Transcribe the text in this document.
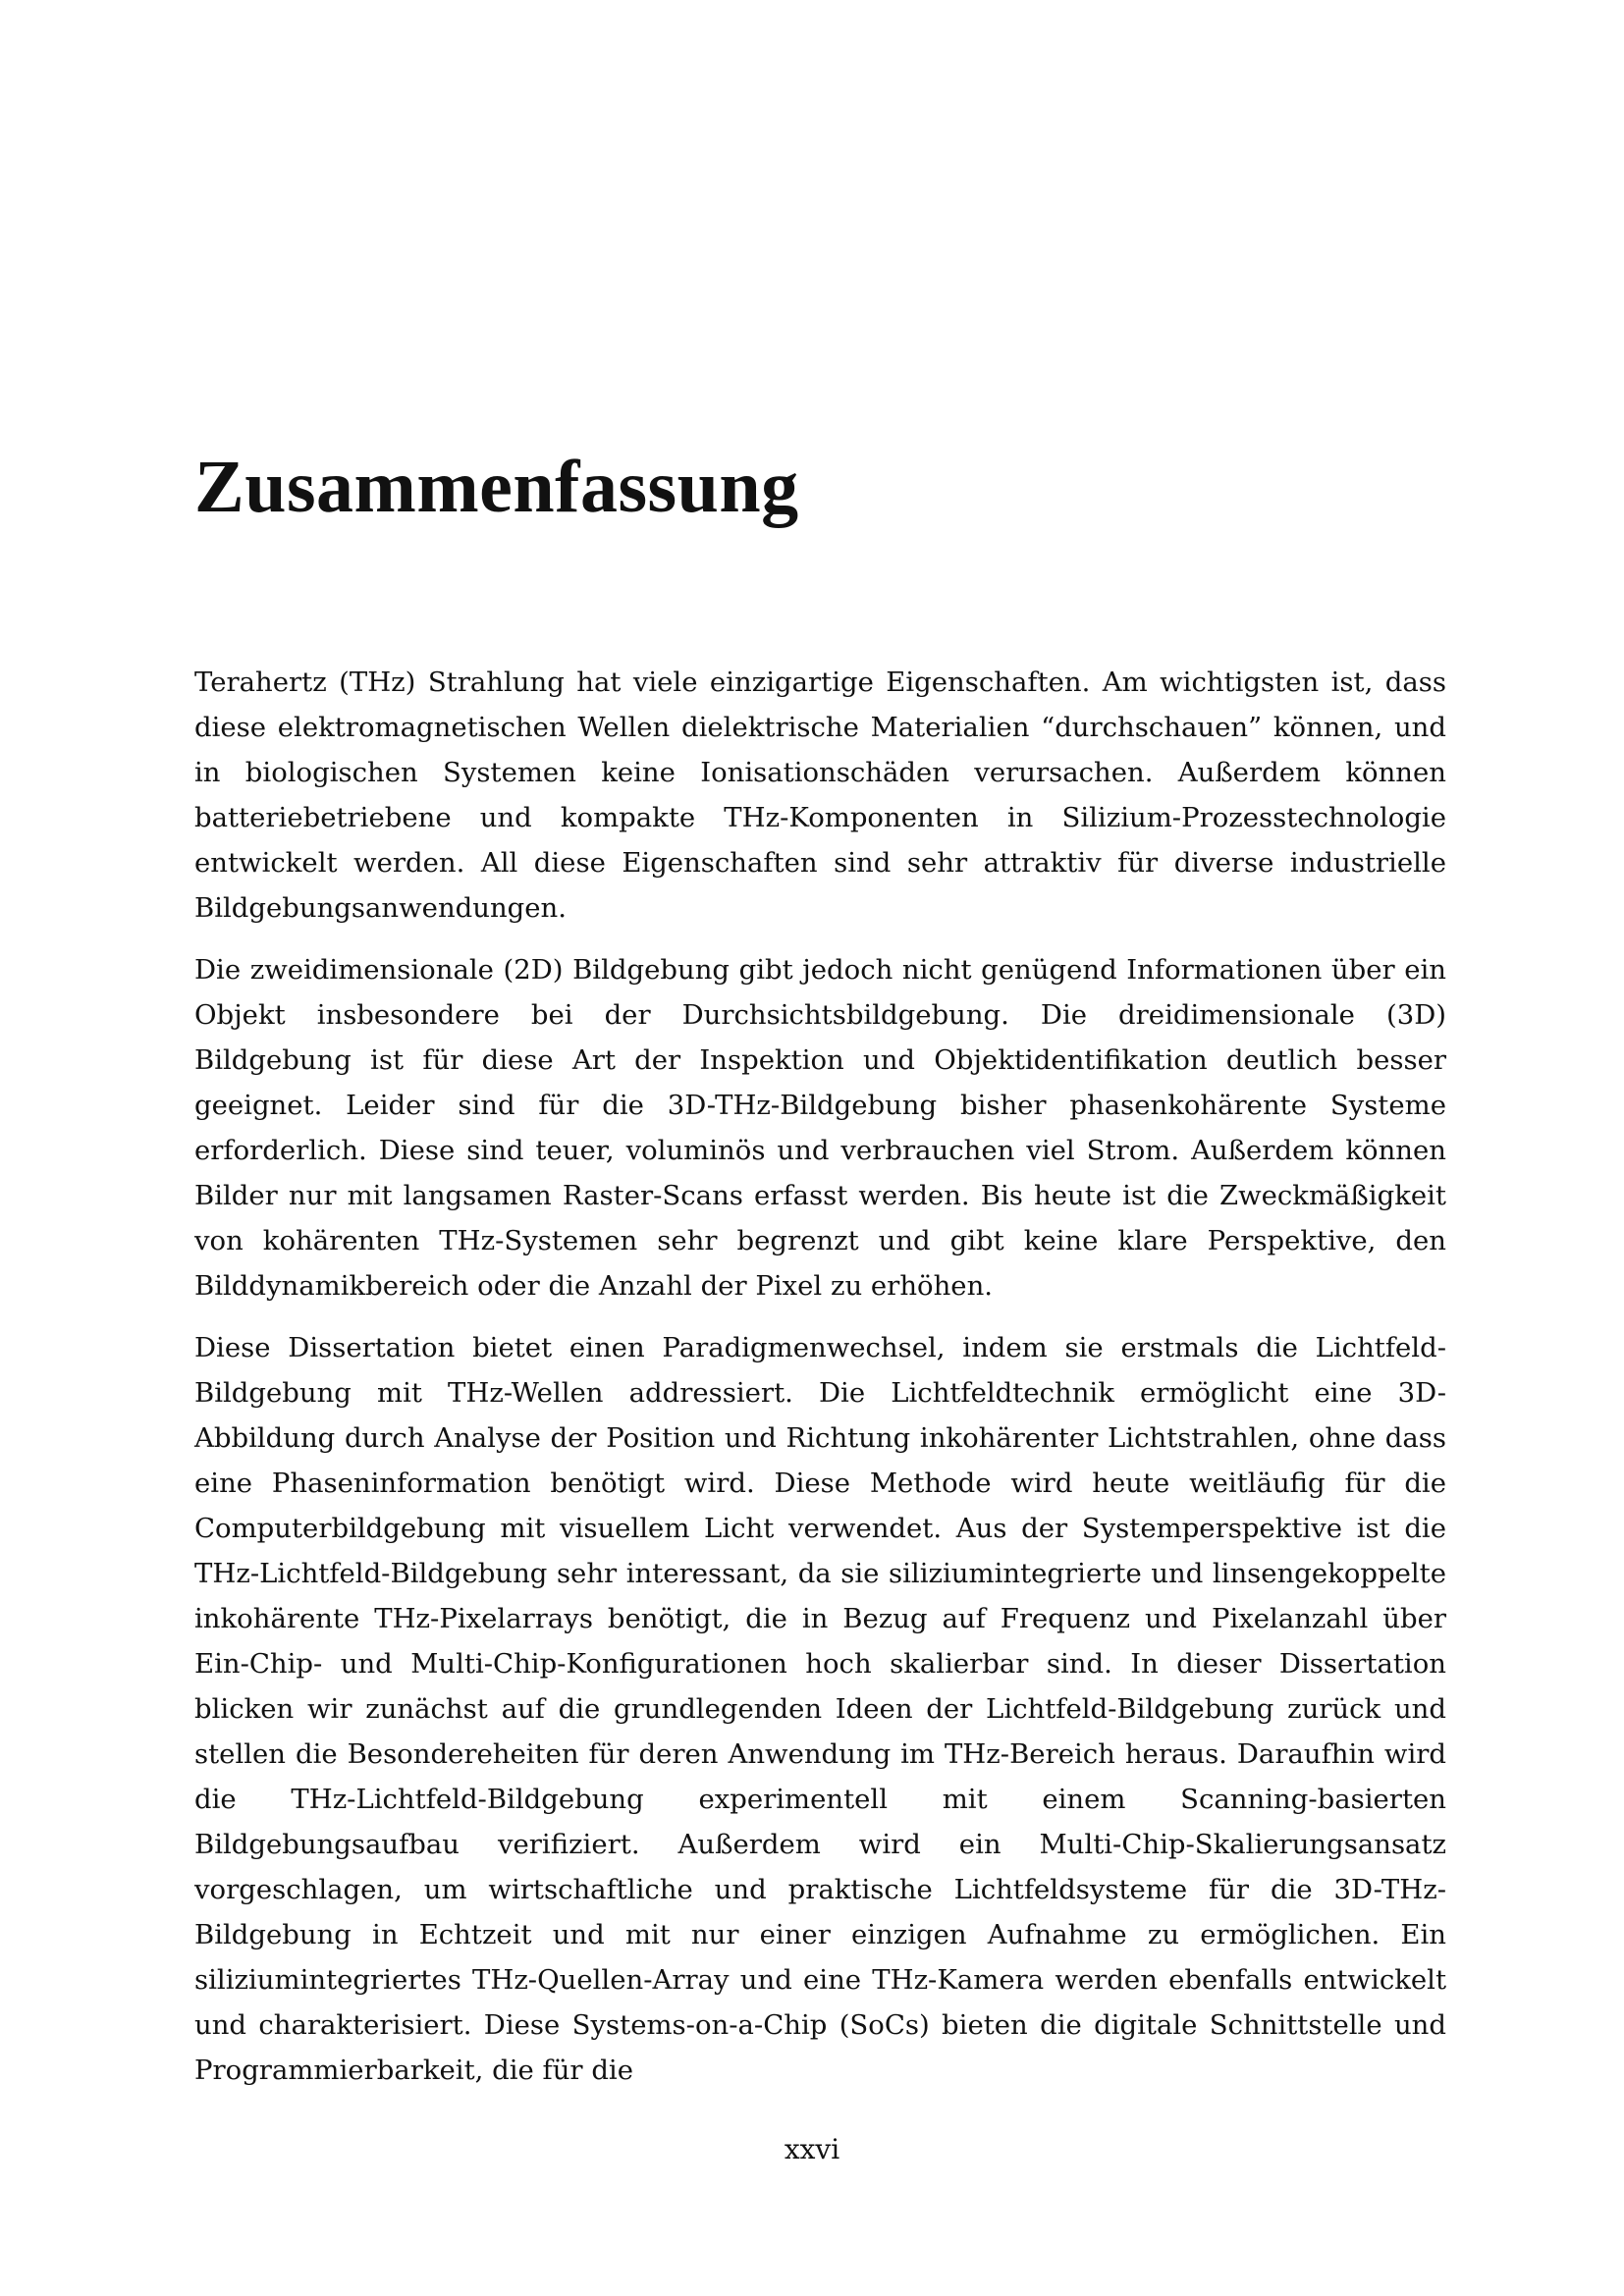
Zusammenfassung

Terahertz (THz) Strahlung hat viele einzigartige Eigenschaften. Am wichtigsten ist, dass diese elektromagnetischen Wellen dielektrische Materialien “durchschauen” können, und in biologischen Systemen keine Ionisationschäden verursachen. Außerdem können batteriebetriebene und kompakte THz-Komponenten in Silizium-Prozesstechnologie entwickelt werden. All diese Eigenschaften sind sehr attraktiv für diverse industrielle Bildgebungsanwendungen.

Die zweidimensionale (2D) Bildgebung gibt jedoch nicht genügend Informationen über ein Objekt insbesondere bei der Durchsichtsbildgebung. Die dreidimensionale (3D) Bildgebung ist für diese Art der Inspektion und Objektidentifikation deutlich besser geeignet. Leider sind für die 3D-THz-Bildgebung bisher phasenkohärente Systeme erforderlich. Diese sind teuer, voluminös und verbrauchen viel Strom. Außerdem können Bilder nur mit langsamen Raster-Scans erfasst werden. Bis heute ist die Zweckmäßigkeit von kohärenten THz-Systemen sehr begrenzt und gibt keine klare Perspektive, den Bilddynamikbereich oder die Anzahl der Pixel zu erhöhen.

Diese Dissertation bietet einen Paradigmenwechsel, indem sie erstmals die Lichtfeld-Bildgebung mit THz-Wellen addressiert. Die Lichtfeldtechnik ermöglicht eine 3D-Abbildung durch Analyse der Position und Richtung inkohärenter Lichtstrahlen, ohne dass eine Phaseninformation benötigt wird. Diese Methode wird heute weitläufig für die Computerbildgebung mit visuellem Licht verwendet. Aus der Systemperspektive ist die THz-Lichtfeld-Bildgebung sehr interessant, da sie siliziumintegrierte und linsengekoppelte inkohärente THz-Pixelarrays benötigt, die in Bezug auf Frequenz und Pixelanzahl über Ein-Chip- und Multi-Chip-Konfigurationen hoch skalierbar sind. In dieser Dissertation blicken wir zunächst auf die grundlegenden Ideen der Lichtfeld-Bildgebung zurück und stellen die Besondereheiten für deren Anwendung im THz-Bereich heraus. Daraufhin wird die THz-Lichtfeld-Bildgebung experimentell mit einem Scanning-basierten Bildgebungsaufbau verifiziert. Außerdem wird ein Multi-Chip-Skalierungsansatz vorgeschlagen, um wirtschaftliche und praktische Lichtfeldsysteme für die 3D-THz-Bildgebung in Echtzeit und mit nur einer einzigen Aufnahme zu ermöglichen. Ein siliziumintegriertes THz-Quellen-Array und eine THz-Kamera werden ebenfalls entwickelt und charakterisiert. Diese Systems-on-a-Chip (SoCs) bieten die digitale Schnittstelle und Programmierbarkeit, die für die

xxvi
